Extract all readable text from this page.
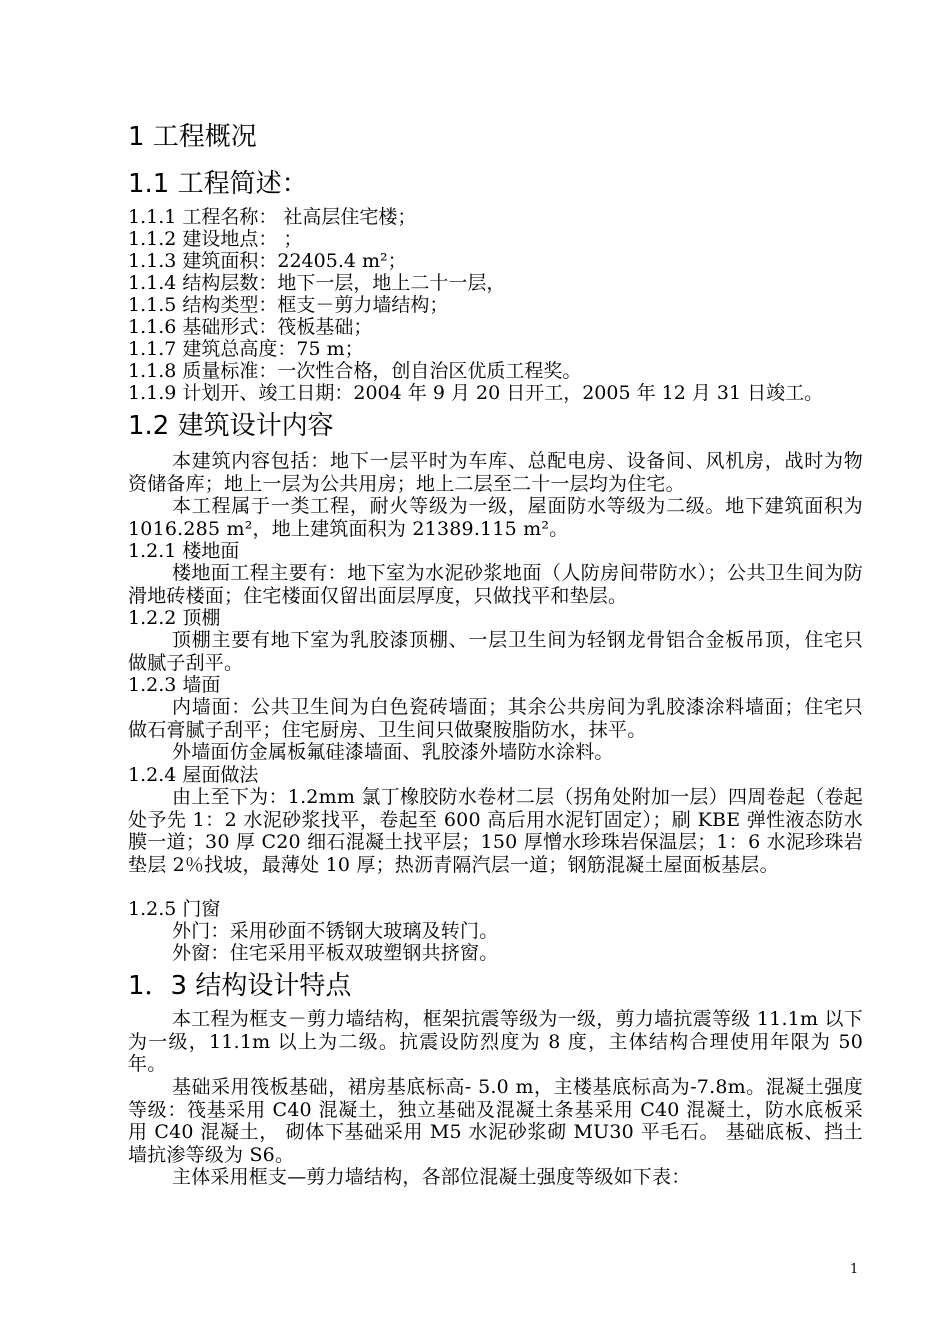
1 工程概况
1.1 工程简述：
1.1.1 工程名称： 社高层住宅楼；
1.1.2 建设地点： ；
1.1.3 建筑面积：22405.4 m²；
1.1.4 结构层数：地下一层，地上二十一层，
1.1.5 结构类型：框支－剪力墙结构；
1.1.6 基础形式：筏板基础；
1.1.7 建筑总高度：75 m；
1.1.8 质量标准：一次性合格，创自治区优质工程奖。
1.1.9 计划开、竣工日期：2004 年 9 月 20 日开工，2005 年 12 月 31 日竣工。
1.2 建筑设计内容

本建筑内容包括：地下一层平时为车库、总配电房、设备间、风机房，战时为物资储备库；地上一层为公共用房；地上二层至二十一层均为住宅。

本工程属于一类工程，耐火等级为一级，屋面防水等级为二级。地下建筑面积为 1016.285 m²，地上建筑面积为 21389.115 m²。

1.2.1 楼地面

楼地面工程主要有：地下室为水泥砂浆地面（人防房间带防水）；公共卫生间为防滑地砖楼面；住宅楼面仅留出面层厚度，只做找平和垫层。

1.2.2 顶棚

顶棚主要有地下室为乳胶漆顶棚、一层卫生间为轻钢龙骨铝合金板吊顶，住宅只做腻子刮平。

1.2.3 墙面

内墙面：公共卫生间为白色瓷砖墙面；其余公共房间为乳胶漆涂料墙面；住宅只做石膏腻子刮平；住宅厨房、卫生间只做聚胺脂防水，抹平。

外墙面仿金属板氟硅漆墙面、乳胶漆外墙防水涂料。

1.2.4 屋面做法

由上至下为：1.2mm 氯丁橡胶防水卷材二层（拐角处附加一层）四周卷起（卷起处予先 1：2 水泥砂浆找平，卷起至 600 高后用水泥钉固定）；刷 KBE 弹性液态防水膜一道；30 厚 C20 细石混凝土找平层；150 厚憎水珍珠岩保温层；1：6 水泥珍珠岩垫层 2％找坡，最薄处 10 厚；热沥青隔汽层一道；钢筋混凝土屋面板基层。

1.2.5 门窗

外门：采用砂面不锈钢大玻璃及转门。

外窗：住宅采用平板双玻塑钢共挤窗。

1．3 结构设计特点

本工程为框支－剪力墙结构，框架抗震等级为一级，剪力墙抗震等级 11.1m 以下为一级，11.1m 以上为二级。抗震设防烈度为 8 度，主体结构合理使用年限为 50 年。

基础采用筏板基础，裙房基底标高- 5.0 m，主楼基底标高为-7.8m。混凝土强度等级：筏基采用 C40 混凝土，独立基础及混凝土条基采用 C40 混凝土，防水底板采用 C40 混凝土， 砌体下基础采用 M5 水泥砂浆砌 MU30 平毛石。 基础底板、挡土墙抗渗等级为 S6。

主体采用框支—剪力墙结构，各部位混凝土强度等级如下表：

1
